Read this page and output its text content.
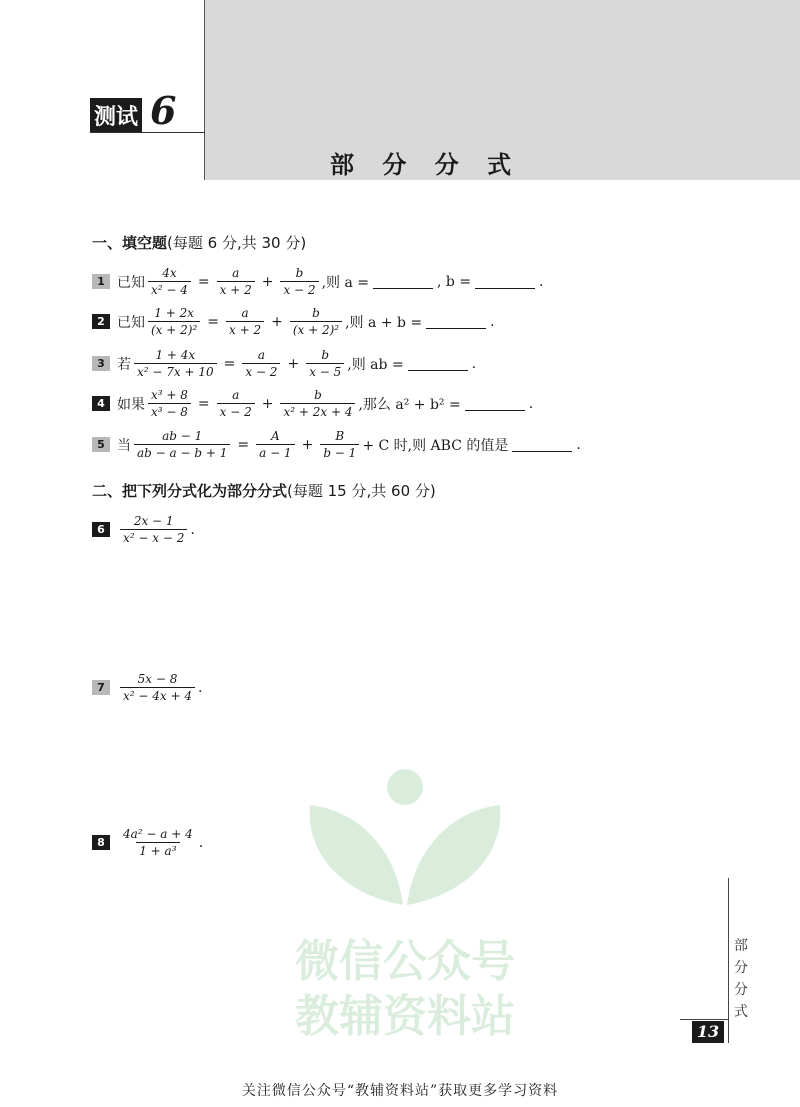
测试 6
部 分 分 式
微信公众号
教辅资料站
一、填空题(每题 6 分,共 30 分)
1 已知 $\frac{4x}{\text{x² − 4}} = \frac{a}{x + 2} + \frac{b}{x - 2}$ ,则 a =	, b =	.
2 已知 $\frac{1 + 2x}{\text{(x + 2)²}} = \frac{a}{x + 2} + \frac{b}{\text{(x + 2)²}}$ ,则 a + b =	.
3 若 $\frac{1 + 4x}{\text{x² − 7x + 10}} = \frac{a}{x - 2} + \frac{b}{x - 5}$ ,则 ab =	.
4 如果 $\frac{\text{x³ + 8}}{\text{x³ − 8}} = \frac{a}{x - 2} + \frac{b}{\text{x² + 2x + 4}}$ ,那么 a² + b² =	.
5 当 $\frac{ab - 1}{ab - a - b + 1} = \frac{A}{a - 1} + \frac{B}{b - 1} + C$ 时,则 ABC 的值是	.
二、把下列分式化为部分分式(每题 15 分,共 60 分)
6	$\frac{2x - 1}{\text{x² − x − 2}}$ .
7	$\frac{5x - 8}{\text{x² − 4x + 4}}$ .
8	$\frac{\text{4a² − a + 4}}{\text{1 + a³}}$ .
部分分式
13
关注微信公众号“教辅资料站”获取更多学习资料
